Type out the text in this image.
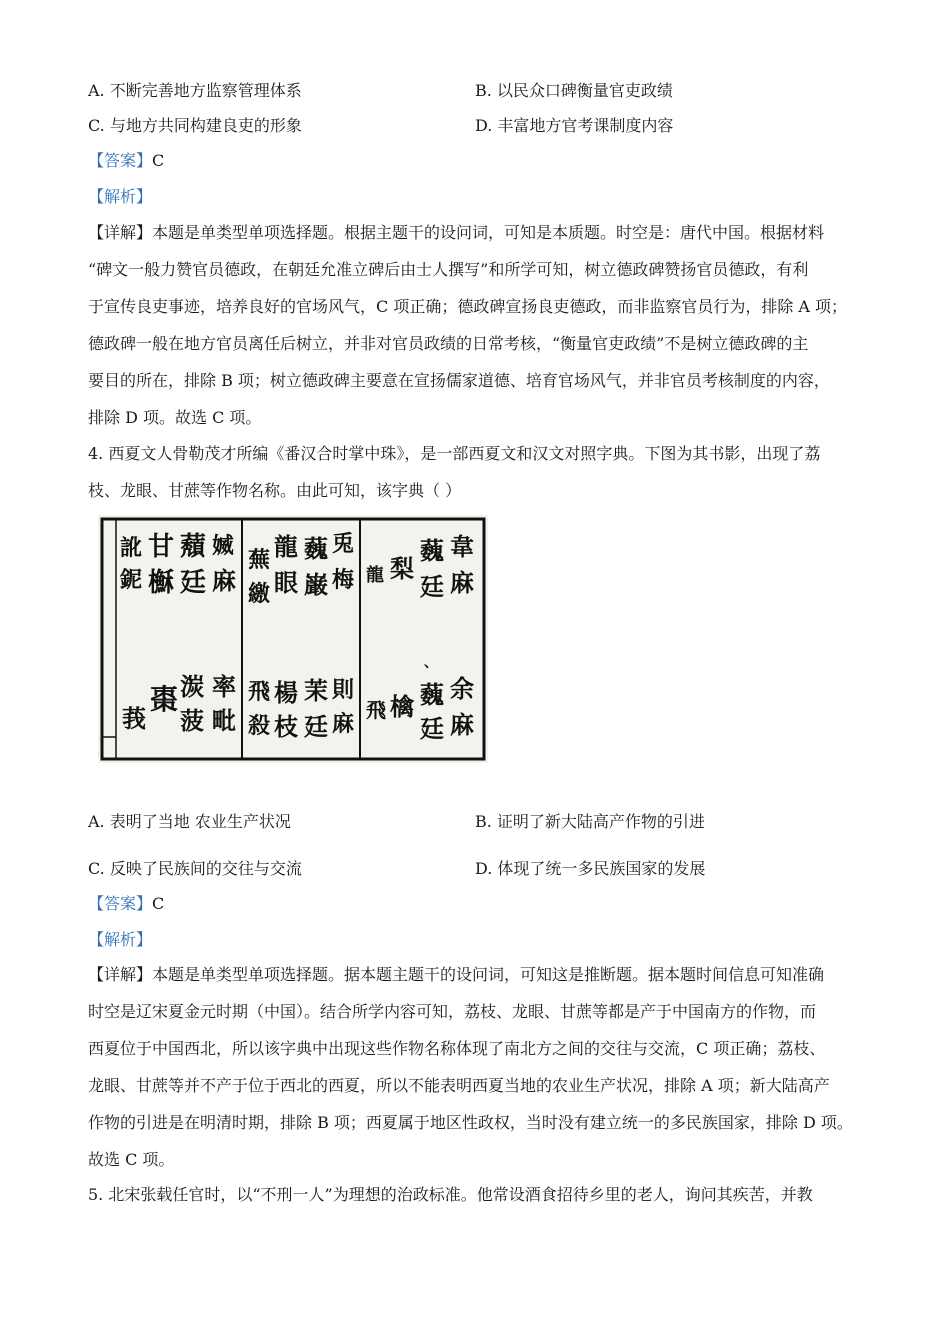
A. 不断完善地方监察管理体系	B. 以民众口碑衡量官吏政绩
C. 与地方共同构建良吏的形象	D. 丰富地方官考课制度内容
【答案】C
【解析】
【详解】本题是单类型单项选择题。根据主题干的设问词，可知是本质题。时空是：唐代中国。根据材料
“碑文一般力赞官员德政，在朝廷允准立碑后由士人撰写”和所学可知，树立德政碑赞扬官员德政，有利
于宣传良吏事迹，培养良好的官场风气，C 项正确；德政碑宣扬良吏德政，而非监察官员行为，排除 A 项；
德政碑一般在地方官员离任后树立，并非对官员政绩的日常考核，“衡量官吏政绩”不是树立德政碑的主
要目的所在，排除 B 项；树立德政碑主要意在宣扬儒家道德、培育官场风气，并非官员考核制度的内容，
排除 D 项。故选 C 项。
4. 西夏文人骨勒茂才所编《番汉合时掌中珠》，是一部西夏文和汉文对照字典。下图为其书影，出现了荔
枝、龙眼、甘蔗等作物名称。由此可知，该字典（ ）
訛
鈮
甘
櫯
蘈
廷
媙
麻
蕪
繳
龍
眼
蘶
巌
兎
梅 龍 梨
蘶
廷
韋
麻
莪
棗 湠
菠
率
毗
飛
殺
楊
枝
茉
廷
則
麻
飛 檎 蘶
廷
余
麻
、
A. 表明了当地 农业生产状况	B. 证明了新大陆高产作物的引进
C. 反映了民族间的交往与交流	D. 体现了统一多民族国家的发展
【答案】C
【解析】
【详解】本题是单类型单项选择题。据本题主题干的设问词，可知这是推断题。据本题时间信息可知准确
时空是辽宋夏金元时期（中国）。结合所学内容可知，荔枝、龙眼、甘蔗等都是产于中国南方的作物，而
西夏位于中国西北，所以该字典中出现这些作物名称体现了南北方之间的交往与交流，C 项正确；荔枝、
龙眼、甘蔗等并不产于位于西北的西夏，所以不能表明西夏当地的农业生产状况，排除 A 项；新大陆高产
作物的引进是在明清时期，排除 B 项；西夏属于地区性政权，当时没有建立统一的多民族国家，排除 D 项。
故选 C 项。
5. 北宋张载任官时，以“不刑一人”为理想的治政标准。他常设酒食招待乡里的老人，询问其疾苦，并教
